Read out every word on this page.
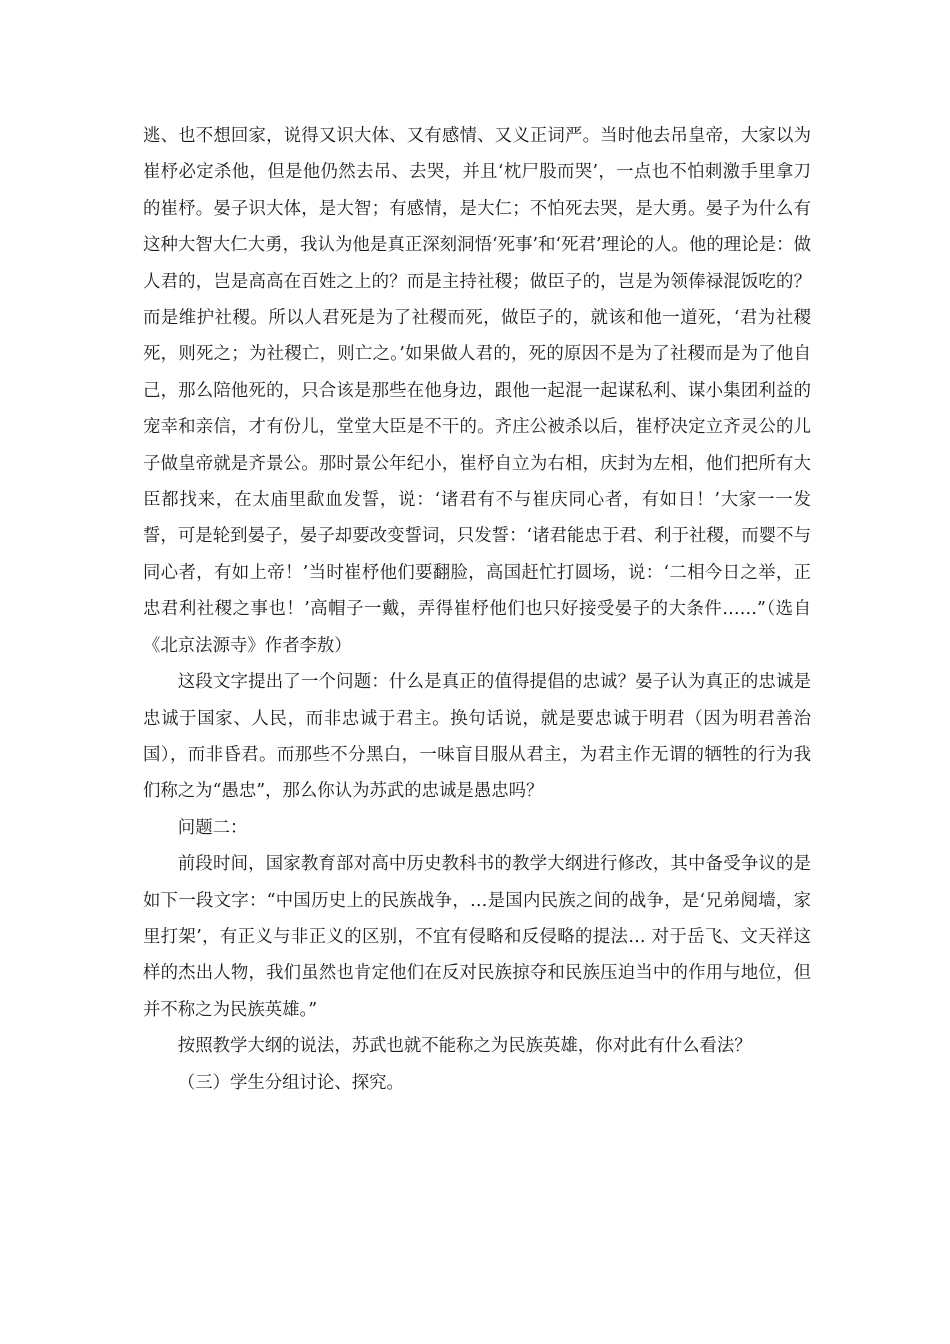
逃、也不想回家，说得又识大体、又有感情、又义正词严。当时他去吊皇帝，大家以为崔杼必定杀他，但是他仍然去吊、去哭，并且‘枕尸股而哭’，一点也不怕刺激手里拿刀的崔杼。晏子识大体，是大智；有感情，是大仁；不怕死去哭，是大勇。晏子为什么有这种大智大仁大勇，我认为他是真正深刻洞悟‘死事’和‘死君’理论的人。他的理论是：做人君的，岂是高高在百姓之上的？而是主持社稷；做臣子的，岂是为领俸禄混饭吃的？而是维护社稷。所以人君死是为了社稷而死，做臣子的，就该和他一道死，‘君为社稷死，则死之；为社稷亡，则亡之。’如果做人君的，死的原因不是为了社稷而是为了他自己，那么陪他死的，只合该是那些在他身边，跟他一起混一起谋私利、谋小集团利益的宠幸和亲信，才有份儿，堂堂大臣是不干的。齐庄公被杀以后，崔杼决定立齐灵公的儿子做皇帝就是齐景公。那时景公年纪小，崔杼自立为右相，庆封为左相，他们把所有大臣都找来，在太庙里歃血发誓，说：‘诸君有不与崔庆同心者，有如日！’大家一一发誓，可是轮到晏子，晏子却要改变誓词，只发誓：‘诸君能忠于君、利于社稷，而婴不与同心者，有如上帝！’当时崔杼他们要翻脸，高国赶忙打圆场，说：‘二相今日之举，正忠君利社稷之事也！’高帽子一戴，弄得崔杼他们也只好接受晏子的大条件……”（选自《北京法源寺》作者李敖）

这段文字提出了一个问题：什么是真正的值得提倡的忠诚？晏子认为真正的忠诚是忠诚于国家、人民，而非忠诚于君主。换句话说，就是要忠诚于明君（因为明君善治国），而非昏君。而那些不分黑白，一味盲目服从君主，为君主作无谓的牺牲的行为我们称之为“愚忠”，那么你认为苏武的忠诚是愚忠吗？

问题二：

前段时间，国家教育部对高中历史教科书的教学大纲进行修改，其中备受争议的是如下一段文字：“中国历史上的民族战争，…是国内民族之间的战争，是‘兄弟阋墙，家里打架’，有正义与非正义的区别，不宜有侵略和反侵略的提法… 对于岳飞、文天祥这样的杰出人物，我们虽然也肯定他们在反对民族掠夺和民族压迫当中的作用与地位，但并不称之为民族英雄。”

按照教学大纲的说法，苏武也就不能称之为民族英雄，你对此有什么看法？

（三）学生分组讨论、探究。
